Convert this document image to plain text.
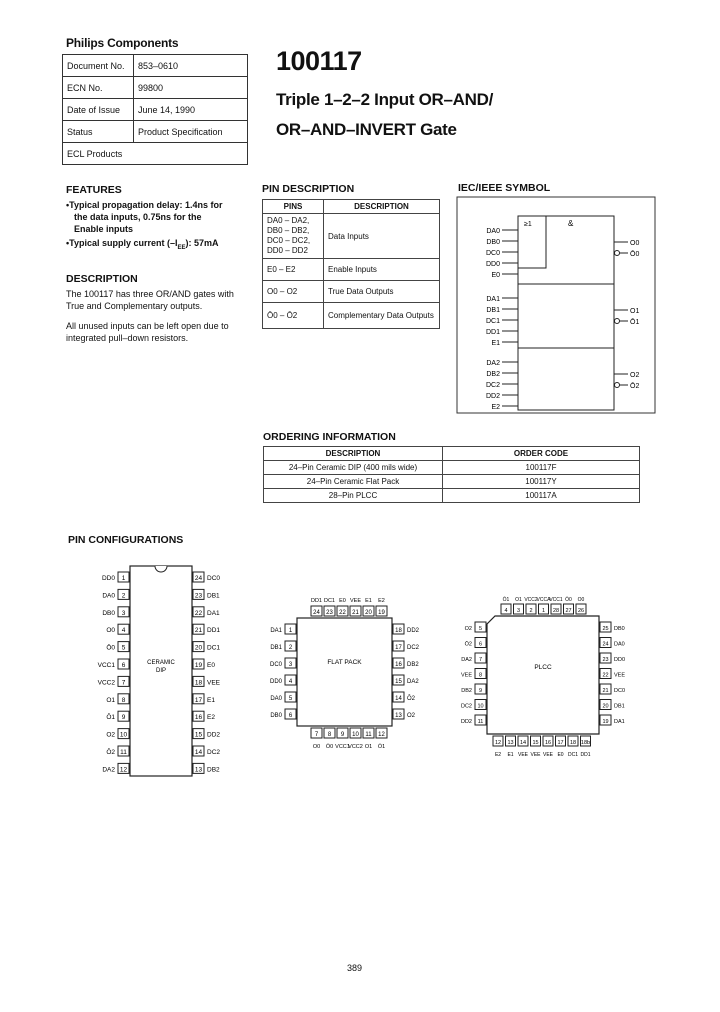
Philips Components
Document No.	853–0610
ECN No.	99800
Date of Issue	June 14, 1990
Status	Product Specification
ECL Products	
100117
Triple 1–2–2 Input OR–AND/
OR–AND–INVERT Gate
FEATURES
•Typical propagation delay: 1.4ns for
the data inputs, 0.75ns for the
Enable inputs
•Typical supply current $(-I_{EE})$: 57mA
DESCRIPTION
The 100117 has three OR/AND gates with
True and Complementary outputs.
All unused inputs can be left open due to
integrated pull–down resistors.
PIN DESCRIPTION
PINS	DESCRIPTION

DA0 – DA2,
DB0 – DB2,
DC0 – DC2,
DD0 – DD2	Data Inputs
E0 – E2	Enable Inputs
O0 – O2	True Data Outputs
Ō0 – Ō2	Complementary Data Outputs
IEC/IEEE SYMBOL
≥1	&
DA0
DB0
DC0
DD0
E0
O0
Ō0
DA1
DB1
DC1
DD1
E1
O1
Ō1
DA2
DB2
DC2
DD2
E2
O2
Ō2
ORDERING INFORMATION
DESCRIPTION	ORDER CODE
24–Pin Ceramic DIP (400 mils wide)	100117F
24–Pin Ceramic Flat Pack	100117Y
28–Pin PLCC	100117A
PIN CONFIGURATIONS
CERAMIC
DIP
1
DD0
2
DA0
3
DB0
4
O0
5
Ō0
6
VCC1
7
VCC2
8
O1
9
Ō1
10
O2
11
Ō2
12
DA2
24 DC0
23 DB1
22 DA1
21 DD1
20 DC1
19 E0
18 VEE
17 E1
16 E2
15 DD2
14 DC2
13 DB2
FLAT PACK
24
DD1
23
DC1
22
E0
21
VEE
20
E1
19
E2
7
O0
8
Ō0
9
VCC1
10
VCC2
11
O1
12
Ō1
1
DA1
2
DB1
3
DC0
4
DD0
5
DA0
6
DB0
18 DD2
17 DC2
16 DB2
15 DA2
14 Ō2
13 O2
PLCC
4
Ō1
3
O1
2
VCC2
1
VCCA
28
VCC1
27
Ō0
26
O0
12
E2
13
E1
14
VEE
15
VEE
16
VEE
17
E0
18
DC1
18b
DD1
5
O2
6
Ō2
7
DA2
8
VEE
9
DB2
10
DC2
11
DD2
25 DB0
24 DA0
23 DD0
22 VEE
21 DC0
20 DB1
19 DA1
389
